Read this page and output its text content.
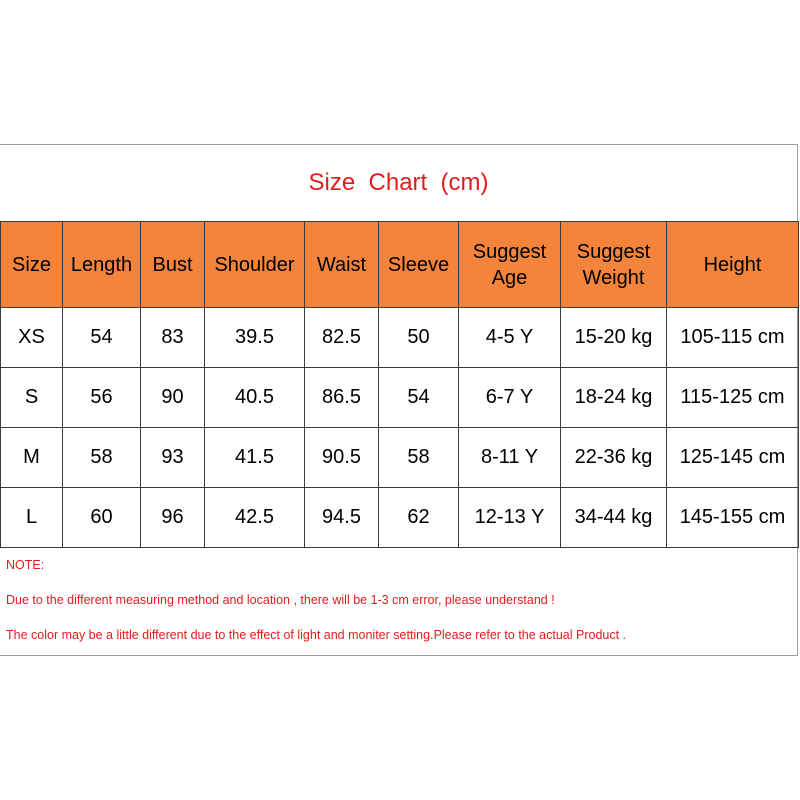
Size  Chart  (cm)
Size	Length	Bust	Shoulder	Waist	Sleeve	Suggest Age	Suggest Weight	Height
XS	54	83	39.5	82.5	50	4-5 Y	15-20 kg	105-115 cm
S	56	90	40.5	86.5	54	6-7 Y	18-24 kg	115-125 cm
M	58	93	41.5	90.5	58	8-11 Y	22-36 kg	125-145 cm
L	60	96	42.5	94.5	62	12-13 Y	34-44 kg	145-155 cm
NOTE:
Due to the different measuring method and location , there will be 1-3 cm error, please understand !
The color may be a little different due to the effect of light and moniter setting.Please refer to the actual Product .
